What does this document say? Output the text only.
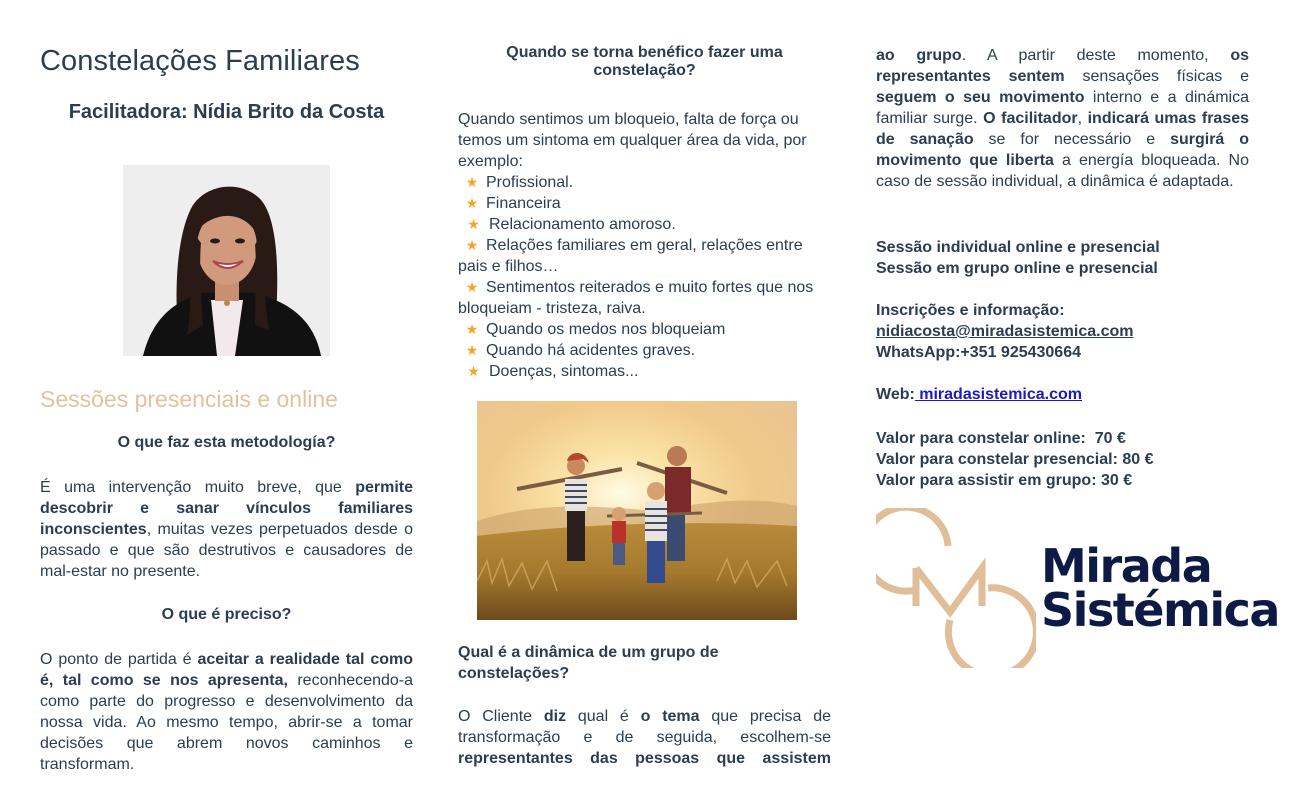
Constelações Familiares
Facilitadora: Nídia Brito da Costa
Sessões presenciais e online
O que faz esta metodología?

É uma intervenção muito breve, que permite descobrir e sanar vínculos familiares inconscientes, muitas vezes perpetuados desde o passado e que são destrutivos e causadores de mal-estar no presente.

O que é preciso?

O ponto de partida é aceitar a realidade tal como é, tal como se nos apresenta, reconhecendo-a como parte do progresso e desenvolvimento da nossa vida. Ao mesmo tempo, abrir-se a tomar decisões que abrem novos caminhos e transformam.

Quando se torna benéfico fazer uma constelação?

Quando sentimos um bloqueio, falta de força ou temos um sintoma em qualquer área da vida, por exemplo:

★ Profissional.
★ Financeira
★ Relacionamento amoroso.
★ Relações familiares em geral, relações entre pais e filhos…
★ Sentimentos reiterados e muito fortes que nos bloqueiam - tristeza, raiva.
★ Quando os medos nos bloqueiam
★ Quando há acidentes graves.
★ Doenças, sintomas...
Qual é a dinâmica de um grupo de constelações?

O Cliente diz qual é o tema que precisa de transformação e de seguida, escolhem-se representantes das pessoas que assistem

ao grupo. A partir deste momento, os representantes sentem sensações físicas e seguem o seu movimento interno e a dinámica familiar surge. O facilitador, indicará umas frases de sanação se for necessário e surgirá o movimento que liberta a energía bloqueada. No caso de sessão individual, a dinâmica é adaptada.

Sessão individual online e presencial
Sessão em grupo online e presencial
Inscrições e informação:
nidiacosta@miradasistemica.com
WhatsApp:+351 925430664
Web: miradasistemica.com
Valor para constelar online:  70 €
Valor para constelar presencial: 80 €
Valor para assistir em grupo: 30 €
Mirada
Sistémica
